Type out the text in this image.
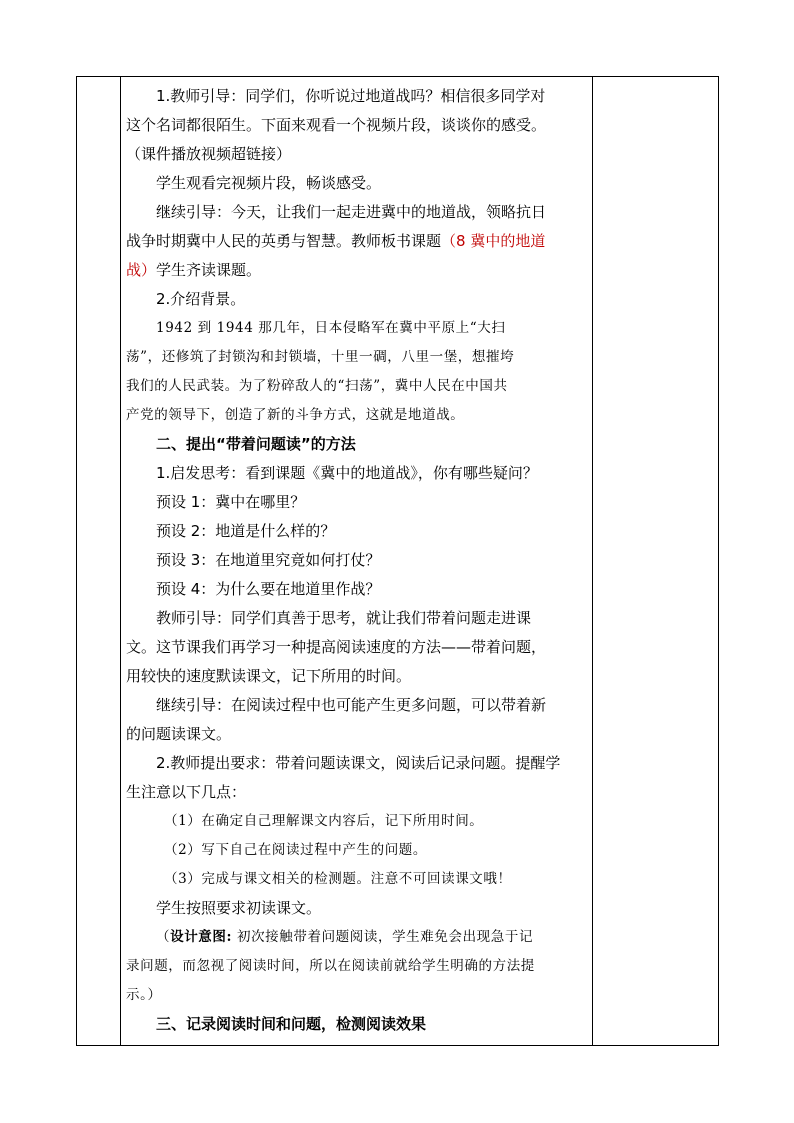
1.教师引导：同学们，你听说过地道战吗？相信很多同学对

这个名词都很陌生。下面来观看一个视频片段，谈谈你的感受。

（课件播放视频超链接）

学生观看完视频片段，畅谈感受。

继续引导：今天，让我们一起走进冀中的地道战，领略抗日

战争时期冀中人民的英勇与智慧。教师板书课题（8 冀中的地道

战）学生齐读课题。

2.介绍背景。

1942 到 1944 那几年，日本侵略军在冀中平原上“大扫

荡”，还修筑了封锁沟和封锁墙，十里一碉，八里一堡，想摧垮

我们的人民武装。为了粉碎敌人的“扫荡”，冀中人民在中国共

产党的领导下，创造了新的斗争方式，这就是地道战。

二、提出“带着问题读”的方法

1.启发思考：看到课题《冀中的地道战》，你有哪些疑问？

预设 1：冀中在哪里？

预设 2：地道是什么样的？

预设 3：在地道里究竟如何打仗？

预设 4：为什么要在地道里作战？

教师引导：同学们真善于思考，就让我们带着问题走进课

文。这节课我们再学习一种提高阅读速度的方法——带着问题，

用较快的速度默读课文，记下所用的时间。

继续引导：在阅读过程中也可能产生更多问题，可以带着新

的问题读课文。

2.教师提出要求：带着问题读课文，阅读后记录问题。提醒学

生注意以下几点：

（1）在确定自己理解课文内容后，记下所用时间。

（2）写下自己在阅读过程中产生的问题。

（3）完成与课文相关的检测题。注意不可回读课文哦！

学生按照要求初读课文。

（设计意图: 初次接触带着问题阅读，学生难免会出现急于记

录问题，而忽视了阅读时间，所以在阅读前就给学生明确的方法提

示。）

三、记录阅读时间和问题，检测阅读效果
